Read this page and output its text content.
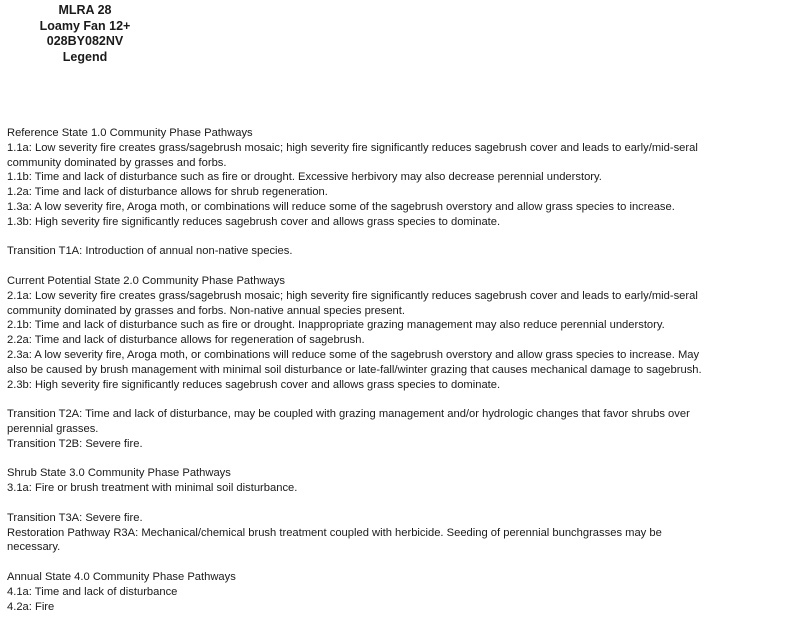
MLRA 28
Loamy Fan 12+
028BY082NV
Legend
Reference State 1.0 Community Phase Pathways
1.1a: Low severity fire creates grass/sagebrush mosaic; high severity fire significantly reduces sagebrush cover and leads to early/mid-seral
community dominated by grasses and forbs.
1.1b: Time and lack of disturbance such as fire or drought. Excessive herbivory may also decrease perennial understory.
1.2a: Time and lack of disturbance allows for shrub regeneration.
1.3a: A low severity fire, Aroga moth, or combinations will reduce some of the sagebrush overstory and allow grass species to increase.
1.3b: High severity fire significantly reduces sagebrush cover and allows grass species to dominate.
Transition T1A: Introduction of annual non-native species.
Current Potential State 2.0 Community Phase Pathways
2.1a: Low severity fire creates grass/sagebrush mosaic; high severity fire significantly reduces sagebrush cover and leads to early/mid-seral
community dominated by grasses and forbs. Non-native annual species present.
2.1b: Time and lack of disturbance such as fire or drought. Inappropriate grazing management may also reduce perennial understory.
2.2a: Time and lack of disturbance allows for regeneration of sagebrush.
2.3a: A low severity fire, Aroga moth, or combinations will reduce some of the sagebrush overstory and allow grass species to increase. May
also be caused by brush management with minimal soil disturbance or late-fall/winter grazing that causes mechanical damage to sagebrush.
2.3b: High severity fire significantly reduces sagebrush cover and allows grass species to dominate.
Transition T2A: Time and lack of disturbance, may be coupled with grazing management and/or hydrologic changes that favor shrubs over
perennial grasses.
Transition T2B: Severe fire.
Shrub State 3.0 Community Phase Pathways
3.1a: Fire or brush treatment with minimal soil disturbance.
Transition T3A: Severe fire.
Restoration Pathway R3A: Mechanical/chemical brush treatment coupled with herbicide. Seeding of perennial bunchgrasses may be
necessary.
Annual State 4.0 Community Phase Pathways
4.1a: Time and lack of disturbance
4.2a: Fire
